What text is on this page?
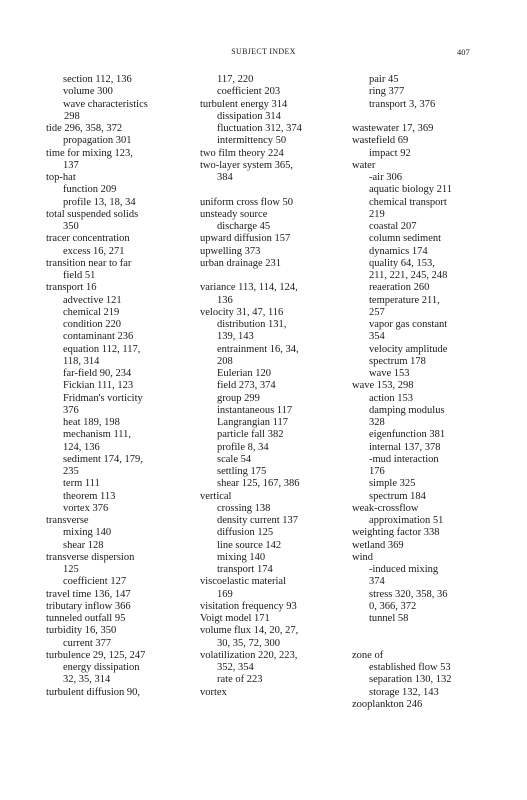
SUBJECT INDEX	407
section 112, 136
volume 300
wave characteristics
298
tide 296, 358, 372
propagation 301
time for mixing 123,
137
top-hat
function 209
profile 13, 18, 34
total suspended solids
350
tracer concentration
excess 16, 271
transition near to far
field 51
transport 16
advective 121
chemical 219
condition 220
contaminant 236
equation 112, 117,
118, 314
far-field 90, 234
Fickian 111, 123
Fridman's vorticity
376
heat 189, 198
mechanism 111,
124, 136
sediment 174, 179,
235
term 111
theorem 113
vortex 376
transverse
mixing 140
shear 128
transverse dispersion
125
coefficient 127
travel time 136, 147
tributary inflow 366
tunneled outfall 95
turbidity 16, 350
current 377
turbulence 29, 125, 247
energy dissipation
32, 35, 314
turbulent diffusion 90,
117, 220
coefficient 203
turbulent energy 314
dissipation 314
fluctuation 312, 374
intermittency 50
two film theory 224
two-layer system 365,
384
uniform cross flow 50
unsteady source
discharge 45
upward diffusion 157
upwelling 373
urban drainage 231
variance 113, 114, 124,
136
velocity 31, 47, 116
distribution 131,
139, 143
entrainment 16, 34,
208
Eulerian 120
field 273, 374
group 299
instantaneous 117
Langrangian 117
particle fall 382
profile 8, 34
scale 54
settling 175
shear 125, 167, 386
vertical
crossing 138
density current 137
diffusion 125
line source 142
mixing 140
transport 174
viscoelastic material
169
visitation frequency 93
Voigt model 171
volume flux 14, 20, 27,
30, 35, 72, 300
volatilization 220, 223,
352, 354
rate of 223
vortex
pair 45
ring 377
transport 3, 376
wastewater 17, 369
wastefield 69
impact 92
water
-air 306
aquatic biology 211
chemical transport
219
coastal 207
column sediment
dynamics 174
quality 64, 153,
211, 221, 245, 248
reaeration 260
temperature 211,
257
vapor gas constant
354
velocity amplitude
spectrum 178
wave 153
wave 153, 298
action 153
damping modulus
328
eigenfunction 381
internal 137, 378
-mud interaction
176
simple 325
spectrum 184
weak-crossflow
approximation 51
weighting factor 338
wetland 369
wind
-induced mixing
374
stress 320, 358, 36
0, 366, 372
tunnel 58
zone of
established flow 53
separation 130, 132
storage 132, 143
zooplankton 246
